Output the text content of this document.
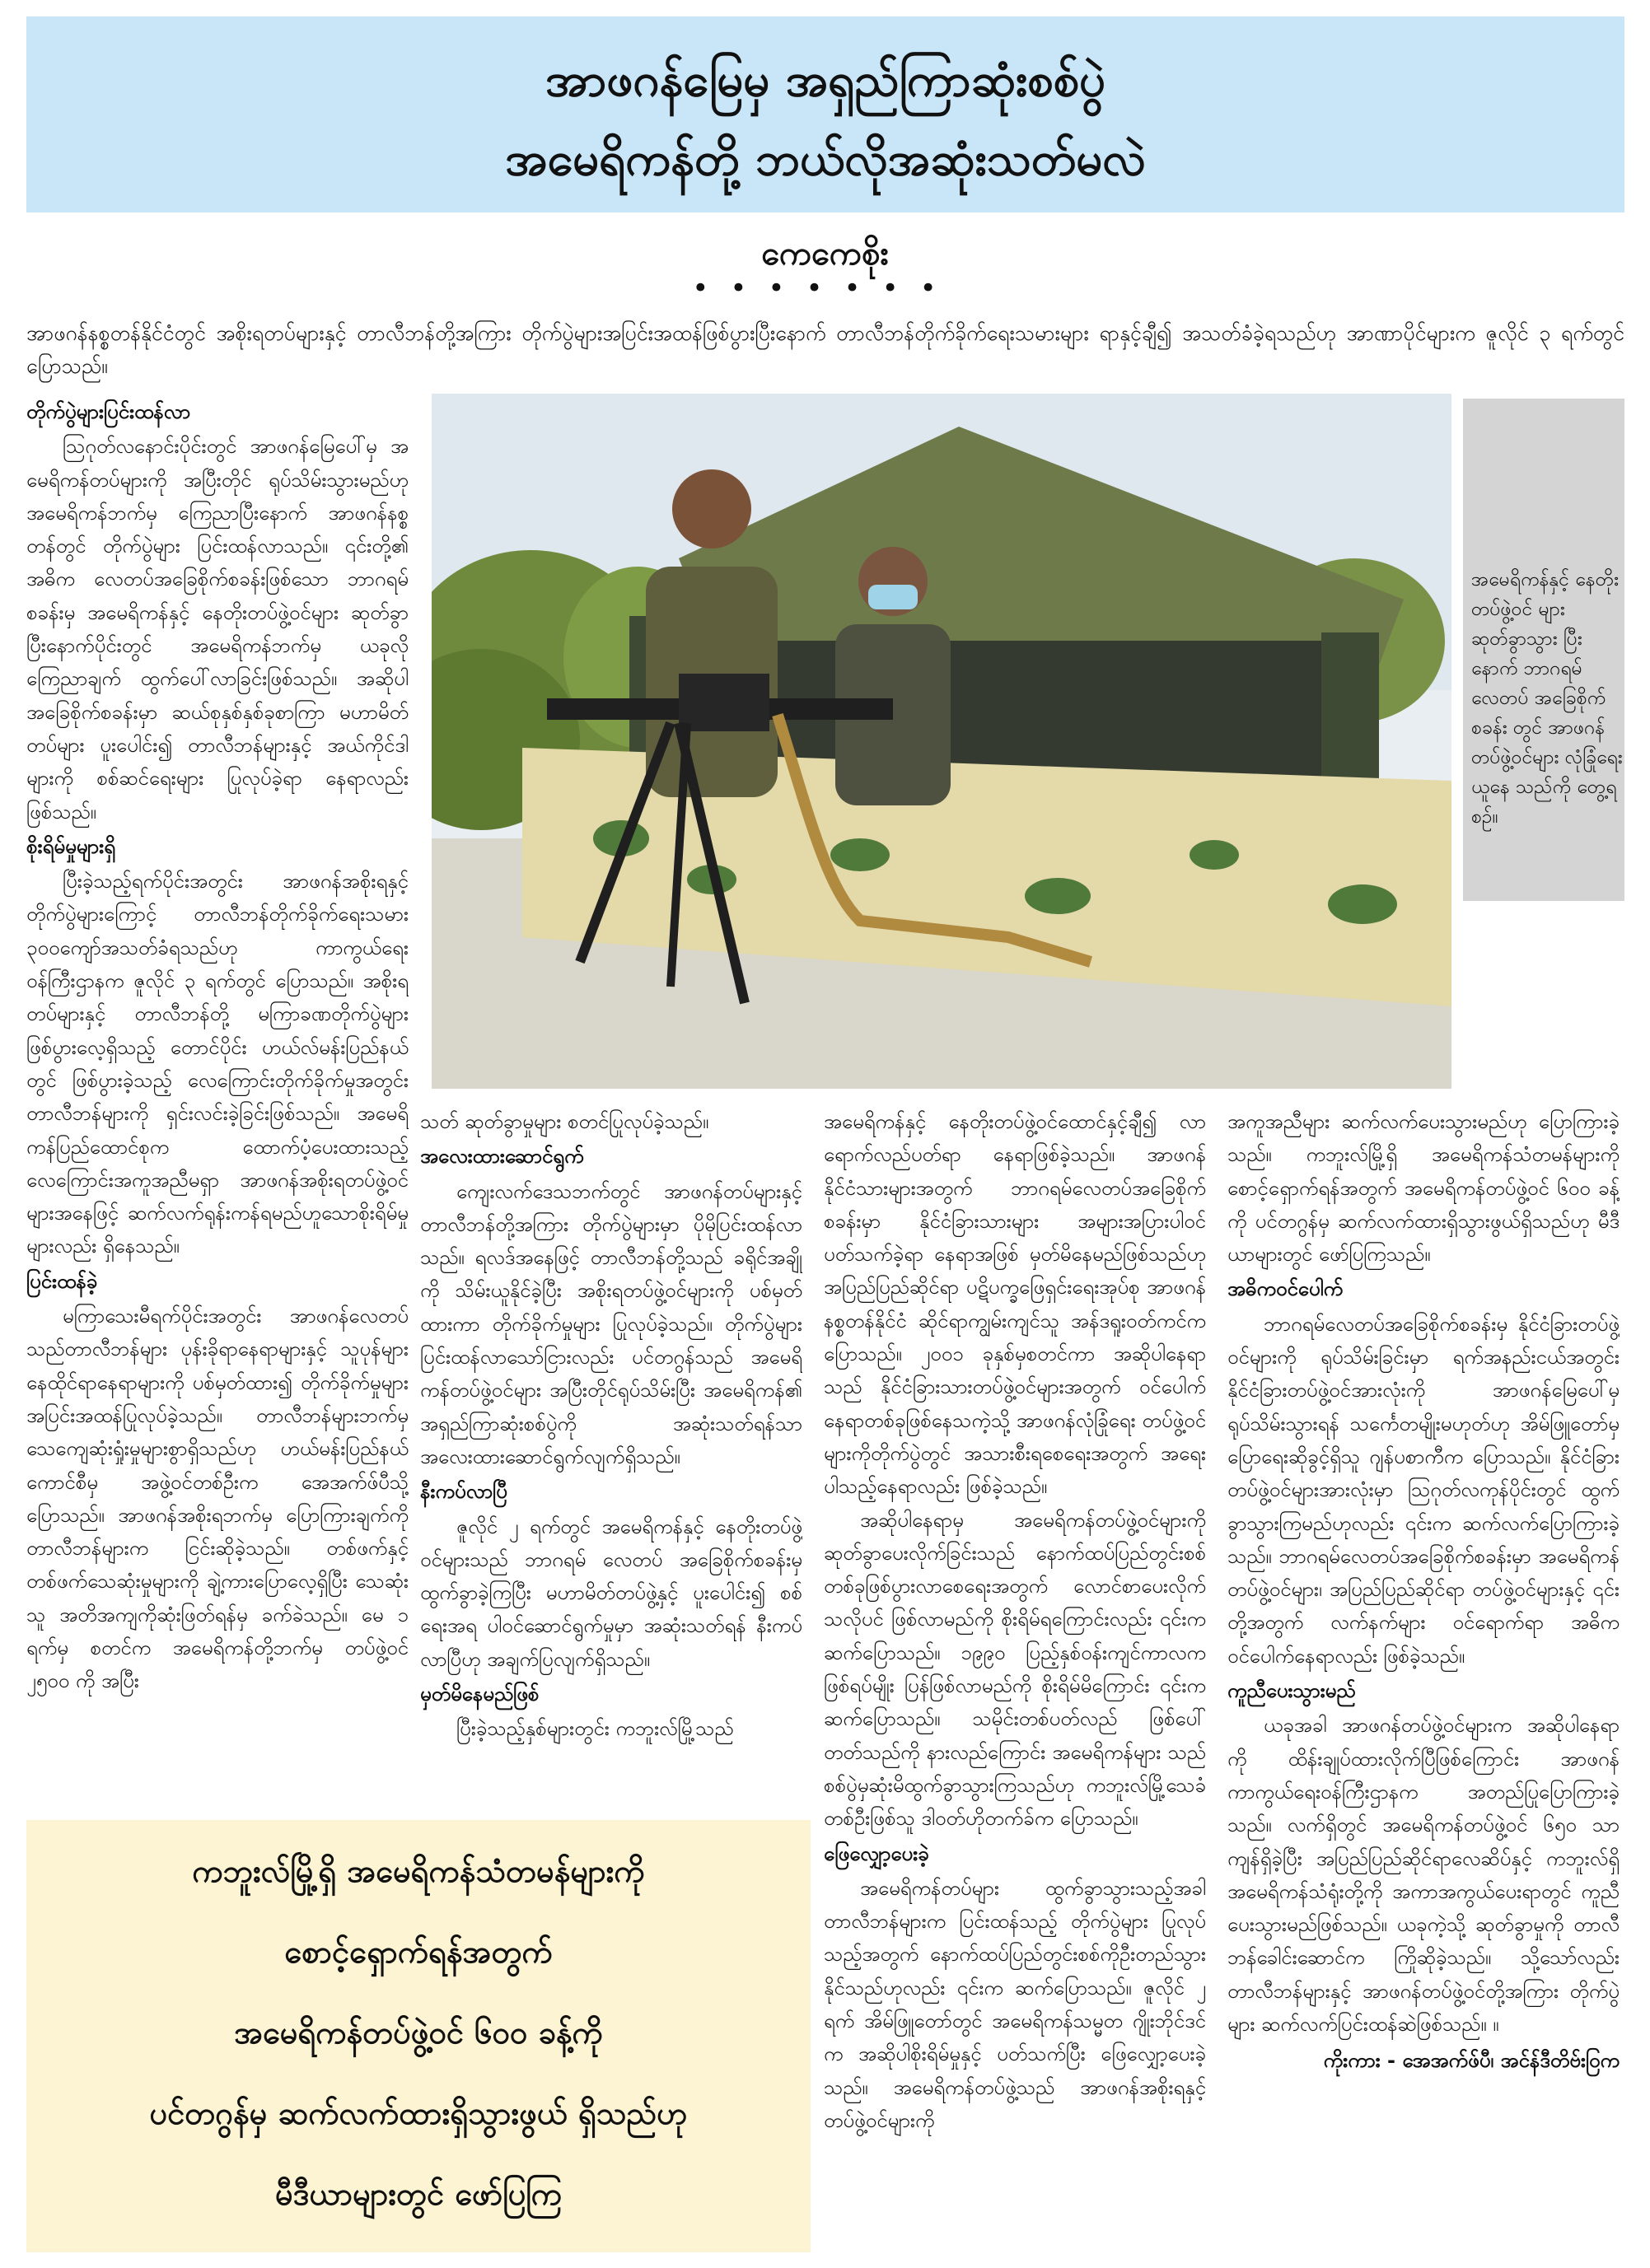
အာဖဂန်မြေမှ အရှည်ကြာဆုံးစစ်ပွဲ
အမေရိကန်တို့ ဘယ်လိုအဆုံးသတ်မလဲ
ကေကေစိုး
•••••••
အာဖဂန်နစ္စတန်နိုင်ငံတွင် အစိုးရတပ်များနှင့် တာလီဘန်တို့အကြား တိုက်ပွဲများအပြင်းအထန်ဖြစ်ပွားပြီးနောက် တာလီဘန်တိုက်ခိုက်ရေးသမားများ ရာနှင့်ချီ၍ အသတ်ခံခဲ့ရသည်ဟု အာဏာပိုင်များက ဇူလိုင် ၃ ရက်တွင် ပြောသည်။
တိုက်ပွဲများပြင်းထန်လာ

ဩဂုတ်လနောင်းပိုင်းတွင် အာဖဂန်မြေပေါ်မှ အမေရိကန်တပ်များကို အပြီးတိုင် ရုပ်သိမ်းသွားမည်ဟု အမေရိကန်ဘက်မှ ကြေညာပြီးနောက် အာဖဂန်နစ္စတန်တွင် တိုက်ပွဲများ ပြင်းထန်လာသည်။ ၎င်းတို့၏ အဓိက လေတပ်အခြေစိုက်စခန်းဖြစ်သော ဘာဂရမ်စခန်းမှ အမေရိကန်နှင့် နေတိုးတပ်ဖွဲ့ဝင်များ ဆုတ်ခွာပြီးနောက်ပိုင်းတွင် အမေရိကန်ဘက်မှ ယခုလိုကြေညာချက် ထွက်ပေါ်လာခြင်းဖြစ်သည်။ အဆိုပါ အခြေစိုက်စခန်းမှာ ဆယ်စုနှစ်နှစ်ခုစာကြာ မဟာမိတ်တပ်များ ပူးပေါင်း၍ တာလီဘန်များနှင့် အယ်ကိုင်ဒါများကို စစ်ဆင်ရေးများ ပြုလုပ်ခဲ့ရာ နေရာလည်းဖြစ်သည်။

စိုးရိမ်မှုများရှိ

ပြီးခဲ့သည့်ရက်ပိုင်းအတွင်း အာဖဂန်အစိုးရနှင့် တိုက်ပွဲများကြောင့် တာလီဘန်တိုက်ခိုက်ရေးသမား ၃၀၀ကျော်အသတ်ခံရသည်ဟု ကာကွယ်ရေးဝန်ကြီးဌာနက ဇူလိုင် ၃ ရက်တွင် ပြောသည်။ အစိုးရတပ်များနှင့် တာလီဘန်တို့ မကြာခဏတိုက်ပွဲများ ဖြစ်ပွားလေ့ရှိသည့် တောင်ပိုင်း ဟယ်လ်မန်းပြည်နယ်တွင် ဖြစ်ပွားခဲ့သည့် လေကြောင်းတိုက်ခိုက်မှုအတွင်း တာလီဘန်များကို ရှင်းလင်းခဲ့ခြင်းဖြစ်သည်။ အမေရိကန်ပြည်ထောင်စုက ထောက်ပံ့ပေးထားသည့်လေကြောင်းအကူအညီမရှာ အာဖဂန်အစိုးရတပ်ဖွဲ့ဝင်များအနေဖြင့် ဆက်လက်ရုန်းကန်ရမည်ဟူသောစိုးရိမ်မှုများလည်း ရှိနေသည်။

ပြင်းထန်ခဲ့

မကြာသေးမီရက်ပိုင်းအတွင်း အာဖဂန်လေတပ်သည်တာလီဘန်များ ပုန်းခိုရာနေရာများနှင့် သူပုန်များ နေထိုင်ရာနေရာများကို ပစ်မှတ်ထား၍ တိုက်ခိုက်မှုများ အပြင်းအထန်ပြုလုပ်ခဲ့သည်။ တာလီဘန်များဘက်မှ သေကျေဆုံးရှုံးမှုများစွာရှိသည်ဟု ဟယ်မန်းပြည်နယ်ကောင်စီမှ အဖွဲ့ဝင်တစ်ဦးက အေအက်ဖ်ပီသို့ ပြောသည်။ အာဖဂန်အစိုးရဘက်မှ ပြောကြားချက်ကို တာလီဘန်များက ငြင်းဆိုခဲ့သည်။ တစ်ဖက်နှင့် တစ်ဖက်သေဆုံးမှုများကို ချဲ့ကားပြောလေ့ရှိပြီး သေဆုံးသူ အတိအကျကိုဆုံးဖြတ်ရန်မှ ခက်ခဲသည်။ မေ ၁ ရက်မှ စတင်က အမေရိကန်တို့ဘက်မှ တပ်ဖွဲ့ဝင် ၂၅၀၀ ကို အပြီး

အမေရိကန်နှင့် နေတိုးတပ်ဖွဲ့ဝင် များ ဆုတ်ခွာသွား ပြီးနောက် ဘာဂရမ်လေတပ် အခြေစိုက်စခန်း တွင် အာဖဂန် တပ်ဖွဲ့ဝင်များ လုံခြုံရေးယူနေ သည်ကို တွေ့ရစဉ်။

သတ် ဆုတ်ခွာမှုများ စတင်ပြုလုပ်ခဲ့သည်။

အလေးထားဆောင်ရွက်

ကျေးလက်ဒေသဘက်တွင် အာဖဂန်တပ်များနှင့် တာလီဘန်တို့အကြား တိုက်ပွဲများမှာ ပိုမိုပြင်းထန်လာသည်။ ရလဒ်အနေဖြင့် တာလီဘန်တို့သည် ခရိုင်အချို့ကို သိမ်းယူနိုင်ခဲ့ပြီး အစိုးရတပ်ဖွဲ့ဝင်များကို ပစ်မှတ်ထားကာ တိုက်ခိုက်မှုများ ပြုလုပ်ခဲ့သည်။ တိုက်ပွဲများ ပြင်းထန်လာသော်ငြားလည်း ပင်တဂွန်သည် အမေရိကန်တပ်ဖွဲ့ဝင်များ အပြီးတိုင်ရုပ်သိမ်းပြီး အမေရိကန်၏ အရှည်ကြာဆုံးစစ်ပွဲကို အဆုံးသတ်ရန်သာ အလေးထားဆောင်ရွက်လျက်ရှိသည်။

နီးကပ်လာပြီ

ဇူလိုင် ၂ ရက်တွင် အမေရိကန်နှင့် နေတိုးတပ်ဖွဲ့ဝင်များသည် ဘာဂရမ် လေတပ် အခြေစိုက်စခန်းမှ ထွက်ခွာခဲ့ကြပြီး မဟာမိတ်တပ်ဖွဲ့နှင့် ပူးပေါင်း၍ စစ်ရေးအရ ပါဝင်ဆောင်ရွက်မှုမှာ အဆုံးသတ်ရန် နီးကပ်လာပြီဟု အချက်ပြလျက်ရှိသည်။

မှတ်မိနေမည်ဖြစ်

ပြီးခဲ့သည့်နှစ်များတွင်း ကဘူးလ်မြို့သည်

အမေရိကန်နှင့် နေတိုးတပ်ဖွဲ့ဝင်ထောင်နှင့်ချီ၍ လာရောက်လည်ပတ်ရာ နေရာဖြစ်ခဲ့သည်။ အာဖဂန်နိုင်ငံသားများအတွက် ဘာဂရမ်လေတပ်အခြေစိုက်စခန်းမှာ နိုင်ငံခြားသားများ အများအပြားပါဝင်ပတ်သက်ခဲ့ရာ နေရာအဖြစ် မှတ်မိနေမည်ဖြစ်သည်ဟု အပြည်ပြည်ဆိုင်ရာ ပဋိပက္ခဖြေရှင်းရေးအုပ်စု အာဖဂန်နစ္စတန်နိုင်ငံ ဆိုင်ရာကျွမ်းကျင်သူ အန်ဒရူးဝတ်ကင်က ပြောသည်။ ၂၀၀၁ ခုနှစ်မှစတင်ကာ အဆိုပါနေရာသည် နိုင်ငံခြားသားတပ်ဖွဲ့ဝင်များအတွက် ဝင်ပေါက်နေရာတစ်ခုဖြစ်နေသကဲ့သို့ အာဖဂန်လုံခြုံရေး တပ်ဖွဲ့ဝင်များကိုတိုက်ပွဲတွင် အသားစီးရစေရေးအတွက် အရေးပါသည့်နေရာလည်း ဖြစ်ခဲ့သည်။

အဆိုပါနေရာမှ အမေရိကန်တပ်ဖွဲ့ဝင်များကို ဆုတ်ခွာပေးလိုက်ခြင်းသည် နောက်ထပ်ပြည်တွင်းစစ်တစ်ခုဖြစ်ပွားလာစေရေးအတွက် လောင်စာပေးလိုက်သလိုပင် ဖြစ်လာမည်ကို စိုးရိမ်ရကြောင်းလည်း ၎င်းက ဆက်ပြောသည်။ ၁၉၉၀ ပြည့်နှစ်ဝန်းကျင်ကာလက ဖြစ်ရပ်မျိုး ပြန်ဖြစ်လာမည်ကို စိုးရိမ်မိကြောင်း ၎င်းက ဆက်ပြောသည်။ သမိုင်းတစ်ပတ်လည် ဖြစ်ပေါ်တတ်သည်ကို နားလည်ကြောင်း အမေရိကန်များ သည် စစ်ပွဲမှဆုံးမိထွက်ခွာသွားကြသည်ဟု ကဘူးလ်မြို့သေခံတစ်ဦးဖြစ်သူ ဒါဝတ်ဟိုတက်ခ်က ပြောသည်။

ဖြေလျှော့ပေးခဲ့

အမေရိကန်တပ်များ ထွက်ခွာသွားသည့်အခါ တာလီဘန်များက ပြင်းထန်သည့် တိုက်ပွဲများ ပြုလုပ်သည့်အတွက် နောက်ထပ်ပြည်တွင်းစစ်ကိုဦးတည်သွားနိုင်သည်ဟုလည်း ၎င်းက ဆက်ပြောသည်။ ဇူလိုင် ၂ ရက် အိမ်ဖြူတော်တွင် အမေရိကန်သမ္မတ ဂျိုးဘိုင်ဒင်က အဆိုပါစိုးရိမ်မှုနှင့် ပတ်သက်ပြီး ဖြေလျှော့ပေးခဲ့သည်။ အမေရိကန်တပ်ဖွဲ့သည် အာဖဂန်အစိုးရနှင့် တပ်ဖွဲ့ဝင်များကို

အကူအညီများ ဆက်လက်ပေးသွားမည်ဟု ပြောကြားခဲ့သည်။ ကဘူးလ်မြို့ရှိ အမေရိကန်သံတမန်များကို စောင့်ရှောက်ရန်အတွက် အမေရိကန်တပ်ဖွဲ့ဝင် ၆၀၀ ခန့်ကို ပင်တဂွန်မှ ဆက်လက်ထားရှိသွားဖွယ်ရှိသည်ဟု မီဒီယာများတွင် ဖော်ပြကြသည်။

အဓိကဝင်ပေါက်

ဘာဂရမ်လေတပ်အခြေစိုက်စခန်းမှ နိုင်ငံခြားတပ်ဖွဲ့ဝင်များကို ရုပ်သိမ်းခြင်းမှာ ရက်အနည်းငယ်အတွင်း နိုင်ငံခြားတပ်ဖွဲ့ဝင်အားလုံးကို အာဖဂန်မြေပေါ်မှ ရုပ်သိမ်းသွားရန် သင်္ကေတမျိုးမဟုတ်ဟု အိမ်ဖြူတော်မှ ပြောရေးဆိုခွင့်ရှိသူ ဂျန်ပစာကီက ပြောသည်။ နိုင်ငံခြားတပ်ဖွဲ့ဝင်များအားလုံးမှာ ဩဂုတ်လကုန်ပိုင်းတွင် ထွက်ခွာသွားကြမည်ဟုလည်း ၎င်းက ဆက်လက်ပြောကြားခဲ့သည်။ ဘာဂရမ်လေတပ်အခြေစိုက်စခန်းမှာ အမေရိကန်တပ်ဖွဲ့ဝင်များ၊ အပြည်ပြည်ဆိုင်ရာ တပ်ဖွဲ့ဝင်များနှင့် ၎င်းတို့အတွက် လက်နက်များ ဝင်ရောက်ရာ အဓိကဝင်ပေါက်နေရာလည်း ဖြစ်ခဲ့သည်။

ကူညီပေးသွားမည်

ယခုအခါ အာဖဂန်တပ်ဖွဲ့ဝင်များက အဆိုပါနေရာကို ထိန်းချုပ်ထားလိုက်ပြီဖြစ်ကြောင်း အာဖဂန်ကာကွယ်ရေးဝန်ကြီးဌာနက အတည်ပြုပြောကြားခဲ့သည်။ လက်ရှိတွင် အမေရိကန်တပ်ဖွဲ့ဝင် ၆၅၀ သာ ကျန်ရှိခဲ့ပြီး အပြည်ပြည်ဆိုင်ရာလေဆိပ်နှင့် ကဘူးလ်ရှိ အမေရိကန်သံရုံးတို့ကို အကာအကွယ်ပေးရာတွင် ကူညီပေးသွားမည်ဖြစ်သည်။ ယခုကဲ့သို့ ဆုတ်ခွာမှုကို တာလီဘန်ခေါင်းဆောင်က ကြိုဆိုခဲ့သည်။ သို့သော်လည်း တာလီဘန်များနှင့် အာဖဂန်တပ်ဖွဲ့ဝင်တို့အကြား တိုက်ပွဲများ ဆက်လက်ပြင်းထန်ဆဲဖြစ်သည်။ ။

ကိုးကား - အေအက်ဖ်ပီ၊ အင်န်ဒီတိဗ်းဝြက
ကဘူးလ်မြို့ရှိ အမေရိကန်သံတမန်များကို
စောင့်ရှောက်ရန်အတွက်
အမေရိကန်တပ်ဖွဲ့ဝင် ၆၀၀ ခန့်ကို
ပင်တဂွန်မှ ဆက်လက်ထားရှိသွားဖွယ် ရှိသည်ဟု
မီဒီယာများတွင် ဖော်ပြကြ
